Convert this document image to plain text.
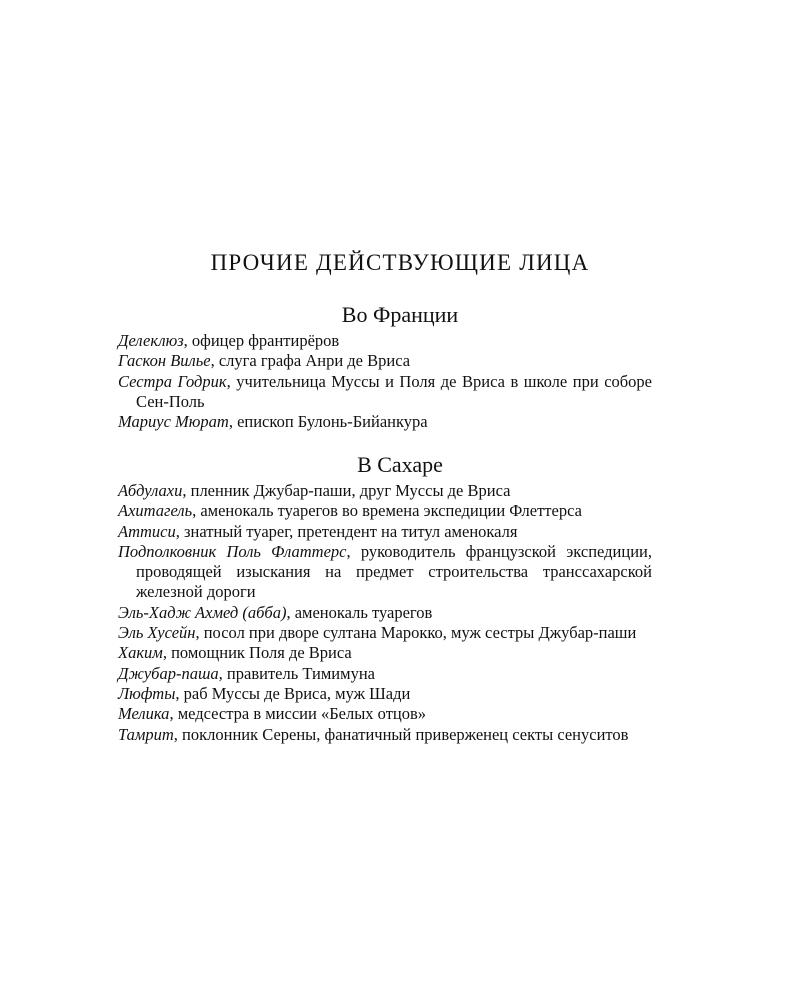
ПРОЧИЕ ДЕЙСТВУЮЩИЕ ЛИЦА
Во Франции
Делеклюз, офицер франтирёров
Гаскон Вилье, слуга графа Анри де Вриса
Сестра Годрик, учительница Муссы и Поля де Вриса в школе при соборе Сен-Поль
Мариус Мюрат, епископ Булонь-Бийанкура
В Сахаре
Абдулахи, пленник Джубар-паши, друг Муссы де Вриса
Ахитагель, аменокаль туарегов во времена экспедиции Флеттерса
Аттиси, знатный туарег, претендент на титул аменокаля
Подполковник Поль Флаттерс, руководитель французской экспедиции, проводящей изыскания на предмет строительства транссахарской железной дороги
Эль-Хадж Ахмед (абба), аменокаль туарегов
Эль Хусейн, посол при дворе султана Марокко, муж сестры Джубар-паши
Хаким, помощник Поля де Вриса
Джубар-паша, правитель Тимимуна
Люфты, раб Муссы де Вриса, муж Шади
Мелика, медсестра в миссии «Белых отцов»
Тамрит, поклонник Серены, фанатичный приверженец секты сенуситов
